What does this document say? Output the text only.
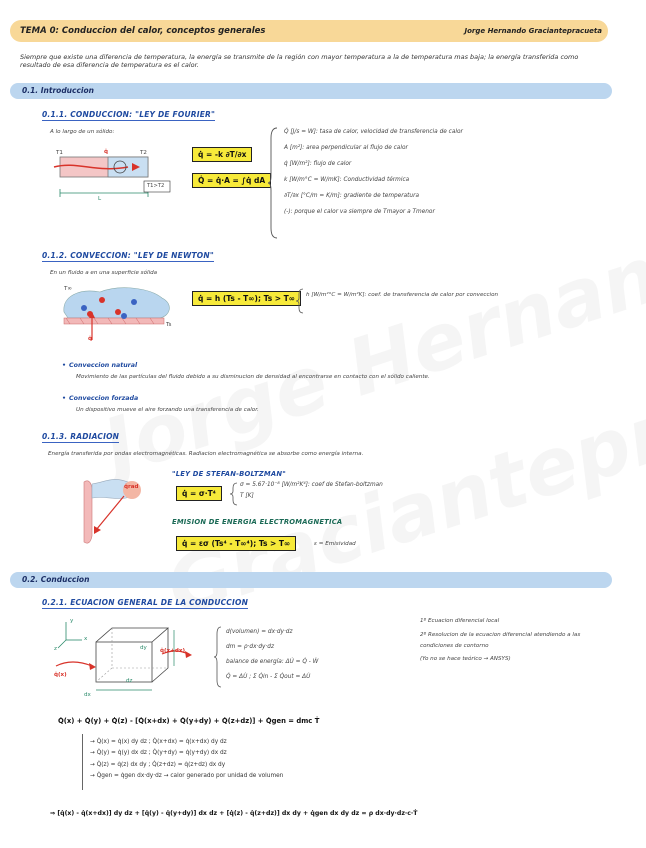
TEMA 0: Conduccion del calor, conceptos generales	Jorge Hernando Graciantepracueta
Siempre que existe una diferencia de temperatura, la energía se transmite de la región con mayor temperatura a la de temperatura mas baja; la energía transferida como resultado de esa diferencia de temperatura es el calor.
0.1. Introduccion
0.1.1. CONDUCCION: "LEY DE FOURIER"
A lo largo de un sólido:
T1	T2
q̇
L
T1>T2
q̇ = -k ∂T/∂x
Q̇ = q̇·A = ∫q̇ dA
Q̇ [J/s = W]: tasa de calor, velocidad de transferencia de calor
A [m²]: area perpendicular al flujo de calor
q̇ [W/m²]: flujo de calor
k [W/m°C = W/mK]: Conductividad térmica
∂T/∂x [°C/m = K/m]: gradiente de temperatura
(-): porque el calor va siempre de Tmayor a Tmenor
0.1.2. CONVECCION: "LEY DE NEWTON"
En un fluido a en una superficie sólida
T∞
Ts
q̇
q̇ = h (Ts - T∞); Ts > T∞	h [W/m²°C = W/m²K]: coef. de transferencia de calor por conveccion
• Conveccion natural
Movimiento de las partículas del fluido debido a su disminucion de densidad al encontrarse en contacto con el sólido caliente.
• Conveccion forzada
Un dispositivo mueve el aire forzando una transferencia de calor.
0.1.3. RADIACION
Energía transferida por ondas electromagnéticas. Radiacion electromagnética se absorbe como energía interna.
q̇rad
"LEY DE STEFAN-BOLTZMAN"
q̇ = σ·T⁴
σ = 5.67·10⁻⁸ [W/m²K⁴]: coef de Stefan-boltzman
T [K]
EMISION DE ENERGIA ELECTROMAGNETICA
q̇ = εσ (Ts⁴ - T∞⁴); Ts > T∞	ε = Emisividad
0.2. Conduccion
0.2.1. ECUACION GENERAL DE LA CONDUCCION
q̇(x)
q̇(x+dx)
dx
dy
dz
y
x
z
d(volumen) = dx·dy·dz
dm = ρ·dx·dy·dz
balance de energía: ΔU̇ = Q̇ - Ẇ
Q̇ = ΔU̇ ; Σ Q̇in - Σ Q̇out = ΔU̇
1º Ecuacion diferencial local
2º Resolucion de la ecuacion diferencial atendiendo a las condiciones de contorno
(Yo no se hace teórico → ANSYS)
Q̇(x) + Q̇(y) + Q̇(z) - [Q̇(x+dx) + Q̇(y+dy) + Q̇(z+dz)] + Q̇gen = dmc Ṫ
→ Q̇(x) = q̇(x) dy dz ; Q̇(x+dx) = q̇(x+dx) dy dz
→ Q̇(y) = q̇(y) dx dz ; Q̇(y+dy) = q̇(y+dy) dx dz
→ Q̇(z) = q̇(z) dx dy ; Q̇(z+dz) = q̇(z+dz) dx dy
→ Q̇gen = q̇gen dx·dy·dz → calor generado por unidad de volumen
⇒ [q̇(x) - q̇(x+dx)] dy dz + [q̇(y) - q̇(y+dy)] dx dz + [q̇(z) - q̇(z+dz)] dx dy + q̇gen dx dy dz = ρ dx·dy·dz·c·Ṫ
